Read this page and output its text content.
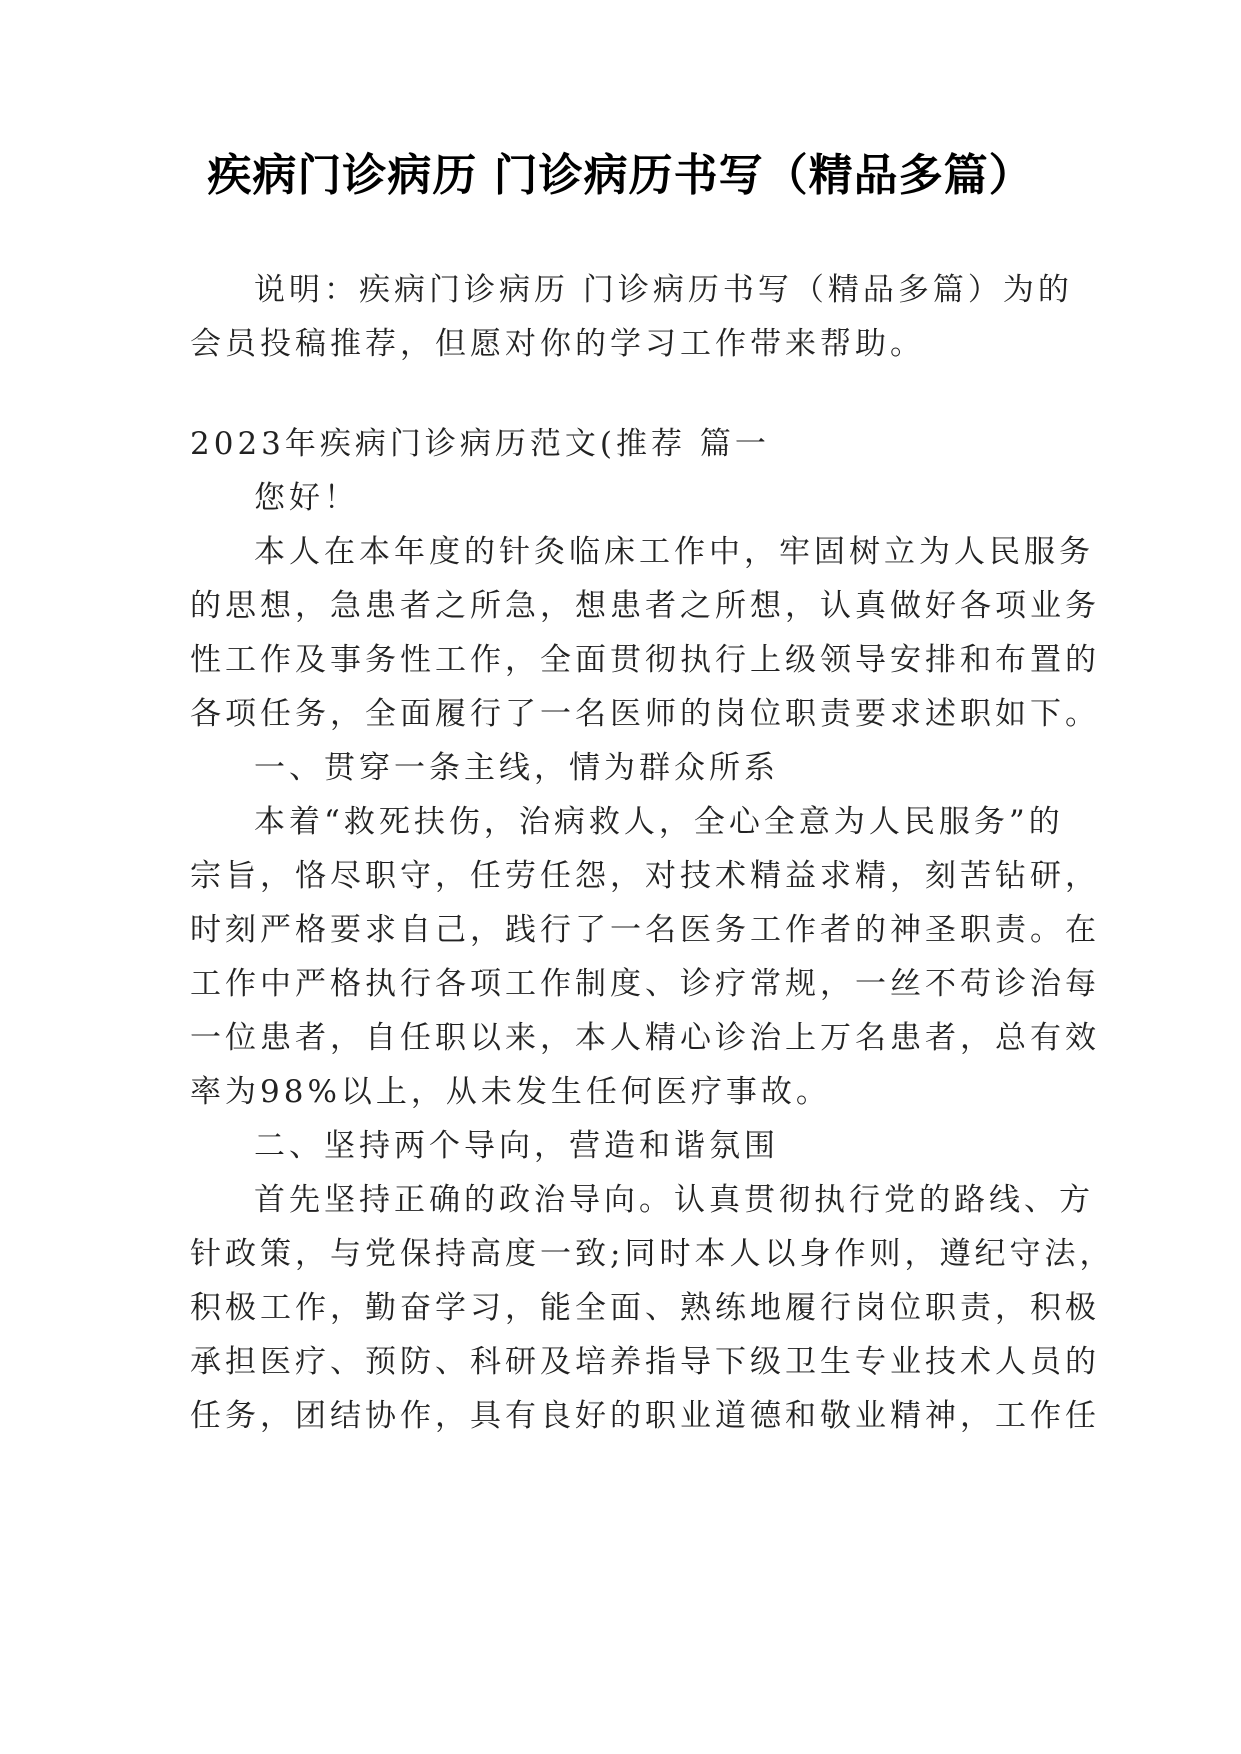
疾病门诊病历 门诊病历书写（精品多篇）
说明：疾病门诊病历 门诊病历书写（精品多篇）为的
会员投稿推荐，但愿对你的学习工作带来帮助。
2023年疾病门诊病历范文(推荐 篇一
您好！
本人在本年度的针灸临床工作中，牢固树立为人民服务
的思想，急患者之所急，想患者之所想，认真做好各项业务
性工作及事务性工作，全面贯彻执行上级领导安排和布置的
各项任务，全面履行了一名医师的岗位职责要求述职如下。
一、贯穿一条主线，情为群众所系
本着“救死扶伤，治病救人，全心全意为人民服务”的
宗旨，恪尽职守，任劳任怨，对技术精益求精，刻苦钻研，
时刻严格要求自己，践行了一名医务工作者的神圣职责。在
工作中严格执行各项工作制度、诊疗常规，一丝不苟诊治每
一位患者，自任职以来，本人精心诊治上万名患者，总有效
率为98%以上，从未发生任何医疗事故。
二、坚持两个导向，营造和谐氛围
首先坚持正确的政治导向。认真贯彻执行党的路线、方
针政策，与党保持高度一致;同时本人以身作则，遵纪守法，
积极工作，勤奋学习，能全面、熟练地履行岗位职责，积极
承担医疗、预防、科研及培养指导下级卫生专业技术人员的
任务，团结协作，具有良好的职业道德和敬业精神，工作任
